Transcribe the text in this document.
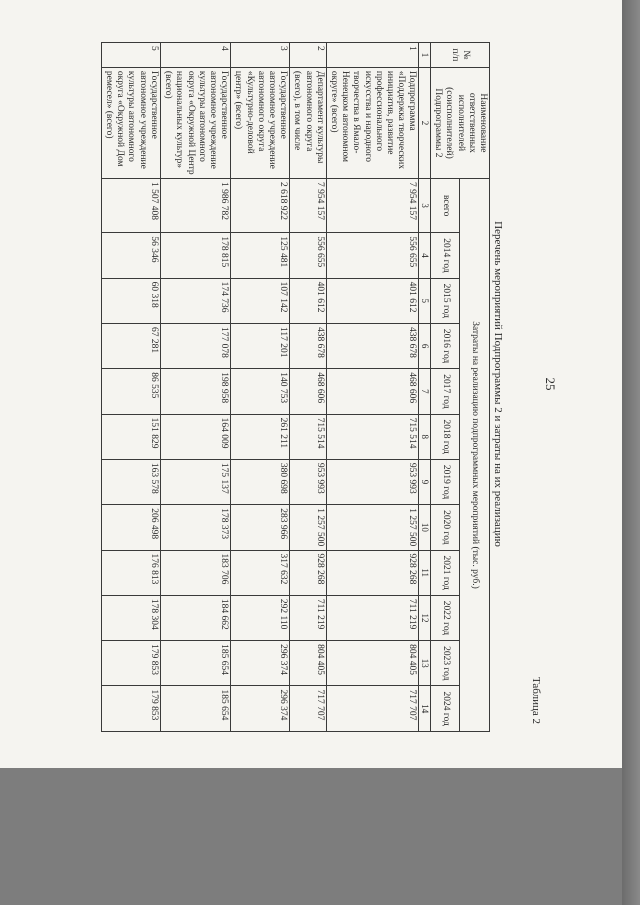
25
Таблица 2
Перечень мероприятий Подпрограммы 2 и затраты на их реализацию
№ п/п	Наименование ответственных исполнителей (соисполнителей) Подпрограммы 2	Затраты на реализацию подпрограммных мероприятий (тыс. руб.)											
		всего	2014 год	2015 год	2016 год	2017 год	2018 год	2019 год	2020 год	2021 год	2022 год	2023 год	2024 год
1	2	3	4	5	6	7	8	9	10	11	12	13	14
1	Подпрограмма «Поддержка творческих инициатив, развитие профессионального искусства и народного творчества в Ямало-Ненецком автономном округе» (всего)	7 954 157	556 655	401 612	438 678	468 606	715 514	953 993	1 257 500	928 268	711 219	804 405	717 707
2	Департамент культуры автономного округа (всего), в том числе	7 954 157	556 655	401 612	438 678	468 606	715 514	953 993	1 257 500	928 268	711 219	804 405	717 707
3	Государственное автономное учреждение автономного округа «Культурно-деловой центр» (всего)	2 618 922	125 481	107 142	117 201	140 753	261 211	380 698	283 966	317 632	292 110	296 374	296 374
4	Государственное автономное учреждение культуры автономного округа «Окружной Центр национальных культур» (всего)	1 986 782	178 815	174 736	177 078	198 958	164 009	175 137	178 373	183 706	184 662	185 654	185 654
5	Государственное автономное учреждение культуры автономного округа «Окружной Дом ремесел» (всего)	1 507 408	56 346	60 318	67 281	86 535	151 829	163 578	206 498	176 813	178 304	179 853	179 853
